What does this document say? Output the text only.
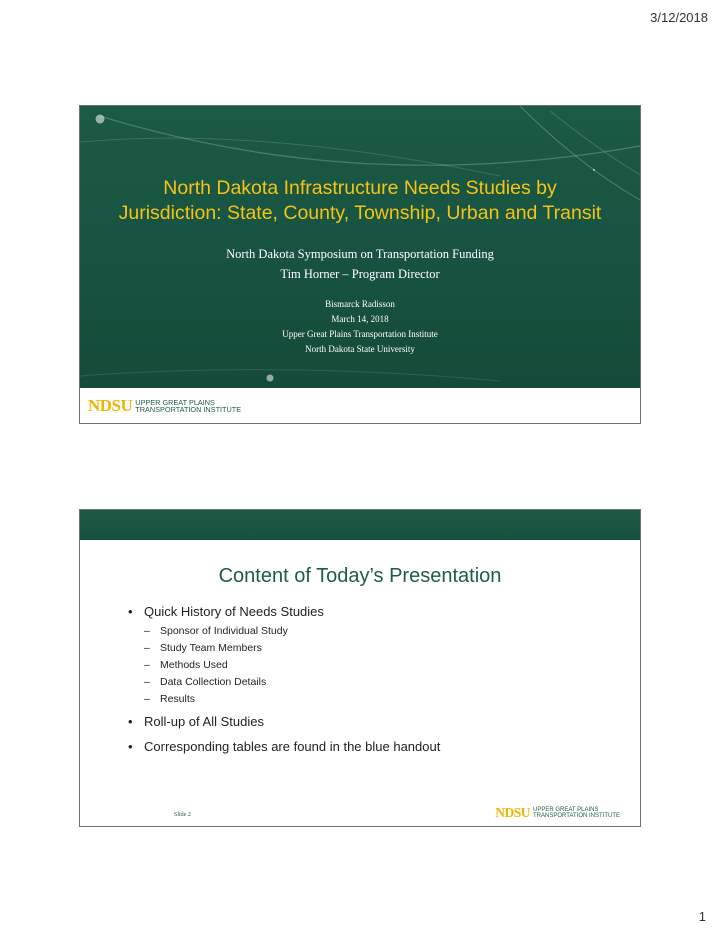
3/12/2018
North Dakota Infrastructure Needs Studies by
Jurisdiction: State, County, Township, Urban and Transit
North Dakota Symposium on Transportation Funding
Tim Horner – Program Director
Bismarck Radisson
March 14, 2018
Upper Great Plains Transportation Institute
North Dakota State University
NDSU UPPER GREAT PLAINS
TRANSPORTATION INSTITUTE
Content of Today’s Presentation
• Quick History of Needs Studies
– Sponsor of Individual Study
– Study Team Members
– Methods Used
– Data Collection Details
– Results
• Roll-up of All Studies
• Corresponding tables are found in the blue handout
Slide 2	NDSU UPPER GREAT PLAINS
TRANSPORTATION INSTITUTE
1
